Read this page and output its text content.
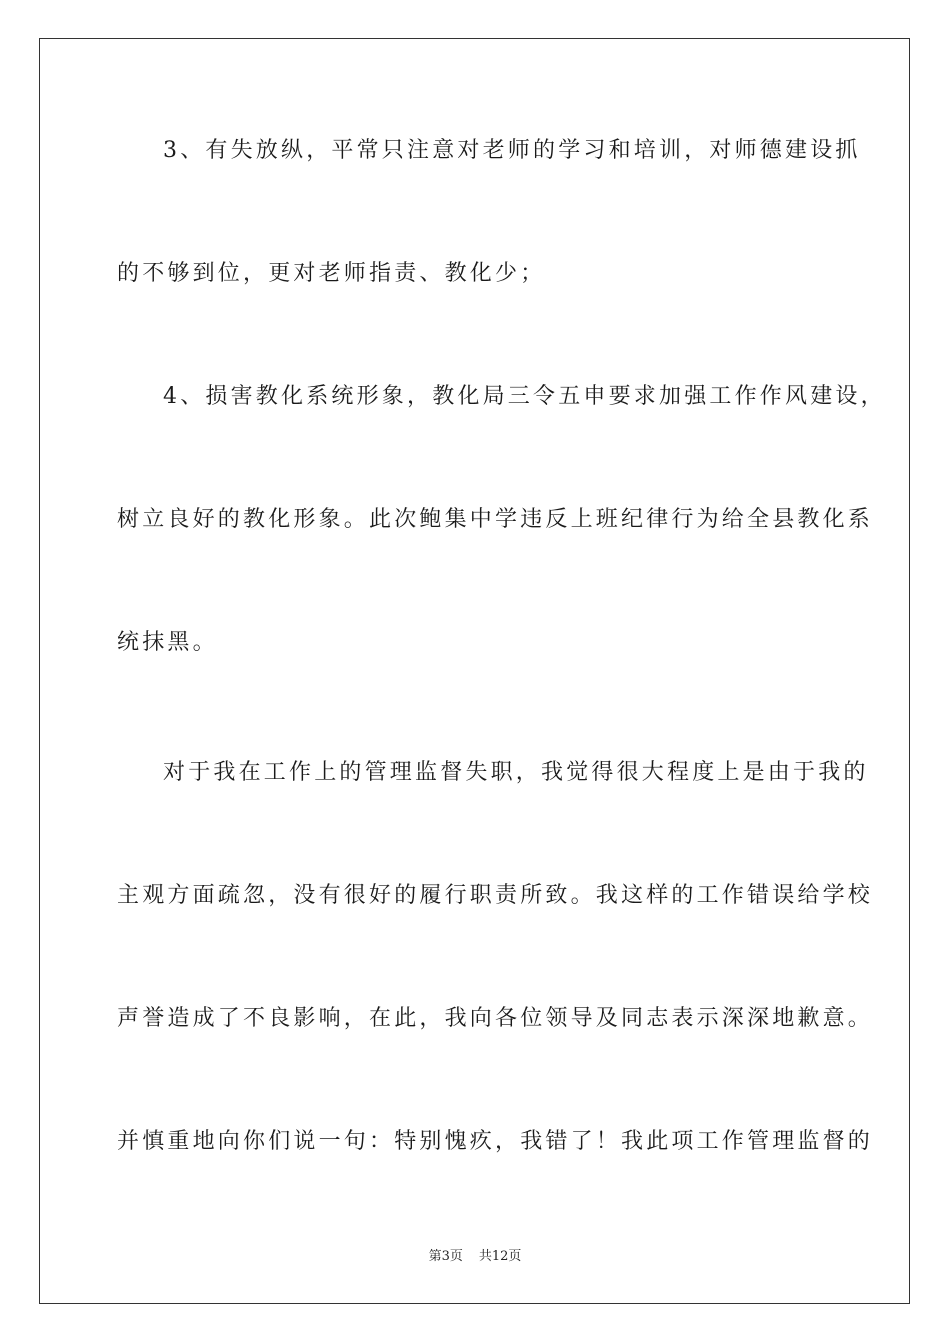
3、有失放纵，平常只注意对老师的学习和培训，对师德建设抓
的不够到位，更对老师指责、教化少；
4、损害教化系统形象，教化局三令五申要求加强工作作风建设，
树立良好的教化形象。此次鲍集中学违反上班纪律行为给全县教化系
统抹黑。
对于我在工作上的管理监督失职，我觉得很大程度上是由于我的
主观方面疏忽，没有很好的履行职责所致。我这样的工作错误给学校
声誉造成了不良影响，在此，我向各位领导及同志表示深深地歉意。
并慎重地向你们说一句：特别愧疚，我错了！我此项工作管理监督的
第3页 共12页
